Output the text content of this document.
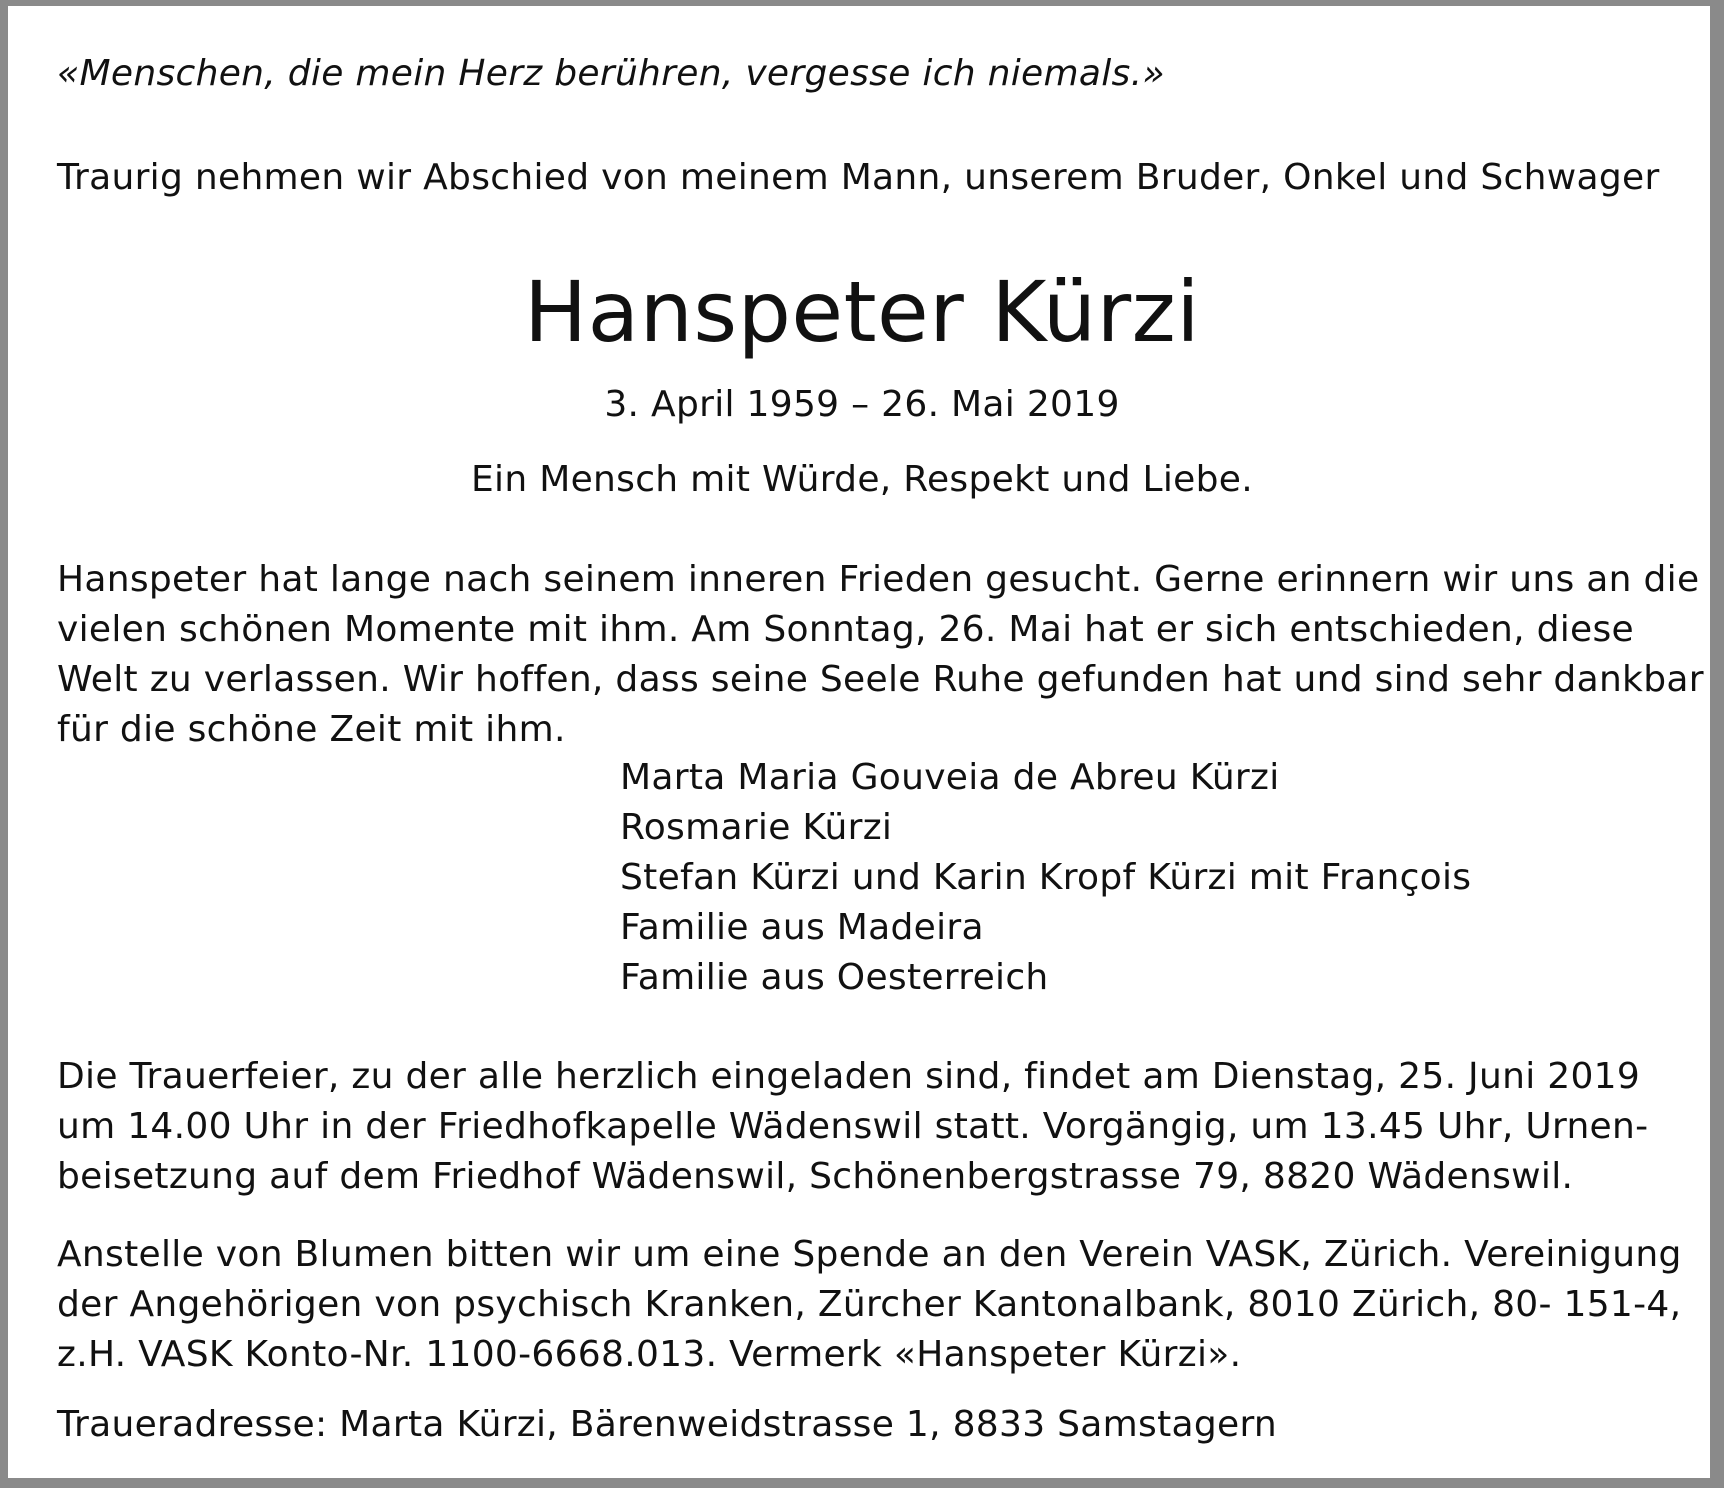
«Menschen, die mein Herz berühren, vergesse ich niemals.»

Traurig nehmen wir Abschied von meinem Mann, unserem Bruder, Onkel und Schwager

Hanspeter Kürzi

3. April 1959 – 26. Mai 2019

Ein Mensch mit Würde, Respekt und Liebe.

Hanspeter hat lange nach seinem inneren Frieden gesucht. Gerne erinnern wir uns an die
vielen schönen Momente mit ihm. Am Sonntag, 26. Mai hat er sich entschieden, diese
Welt zu verlassen. Wir hoffen, dass seine Seele Ruhe gefunden hat und sind sehr dankbar
für die schöne Zeit mit ihm.
Marta Maria Gouveia de Abreu Kürzi
Rosmarie Kürzi
Stefan Kürzi und Karin Kropf Kürzi mit François
Familie aus Madeira
Familie aus Oesterreich
Die Trauerfeier, zu der alle herzlich eingeladen sind, findet am Dienstag, 25. Juni 2019
um 14.00 Uhr in der Friedhofkapelle Wädenswil statt. Vorgängig, um 13.45 Uhr, Urnen-
beisetzung auf dem Friedhof Wädenswil, Schönenbergstrasse 79, 8820 Wädenswil.
Anstelle von Blumen bitten wir um eine Spende an den Verein VASK, Zürich. Vereinigung
der Angehörigen von psychisch Kranken, Zürcher Kantonalbank, 8010 Zürich, 80- 151-4,
z.H. VASK Konto-Nr. 1100-6668.013. Vermerk «Hanspeter Kürzi».
Traueradresse: Marta Kürzi, Bärenweidstrasse 1, 8833 Samstagern
